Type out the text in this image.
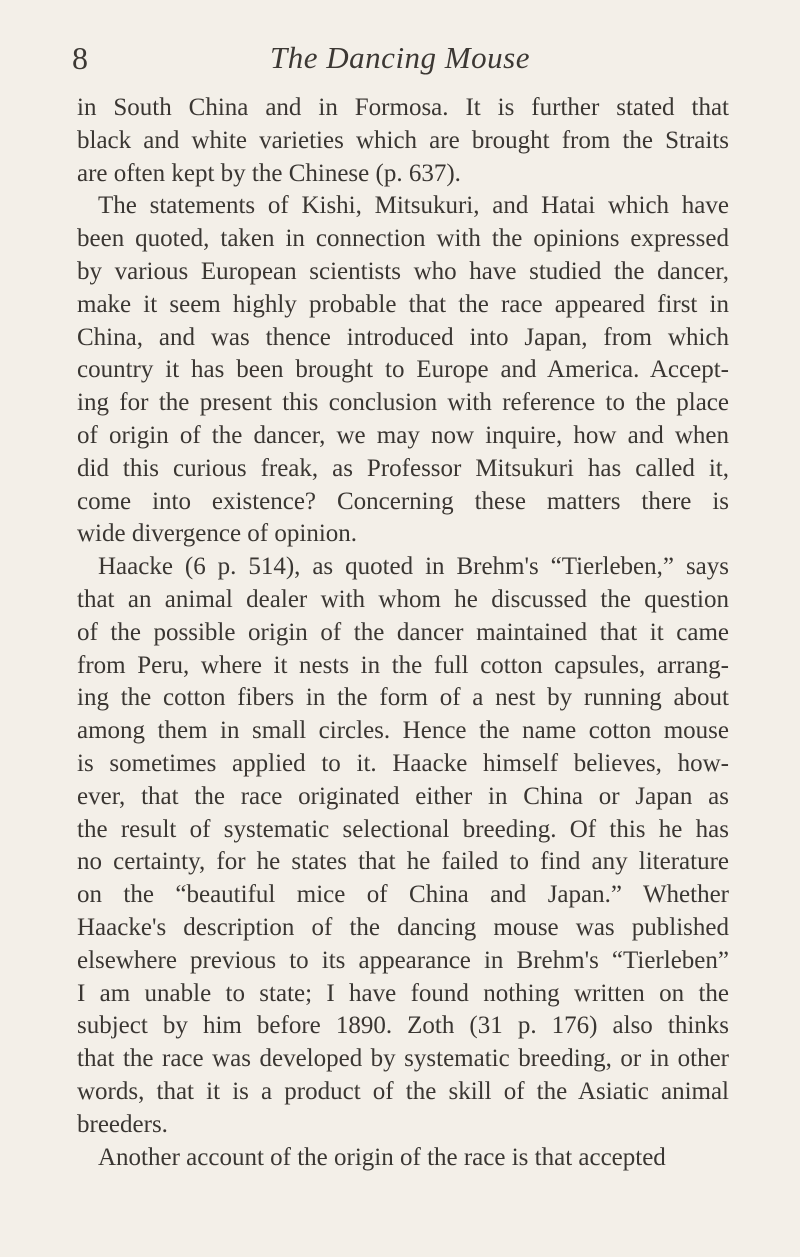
8	The Dancing Mouse
in South China and in Formosa. It is further stated that
black and white varieties which are brought from the Straits
are often kept by the Chinese (p. 637).
The statements of Kishi, Mitsukuri, and Hatai which have
been quoted, taken in connection with the opinions expressed
by various European scientists who have studied the dancer,
make it seem highly probable that the race appeared first in
China, and was thence introduced into Japan, from which
country it has been brought to Europe and America. Accept-
ing for the present this conclusion with reference to the place
of origin of the dancer, we may now inquire, how and when
did this curious freak, as Professor Mitsukuri has called it,
come into existence? Concerning these matters there is
wide divergence of opinion.
Haacke (6 p. 514), as quoted in Brehm's “Tierleben,” says
that an animal dealer with whom he discussed the question
of the possible origin of the dancer maintained that it came
from Peru, where it nests in the full cotton capsules, arrang-
ing the cotton fibers in the form of a nest by running about
among them in small circles. Hence the name cotton mouse
is sometimes applied to it. Haacke himself believes, how-
ever, that the race originated either in China or Japan as
the result of systematic selectional breeding. Of this he has
no certainty, for he states that he failed to find any literature
on the “beautiful mice of China and Japan.” Whether
Haacke's description of the dancing mouse was published
elsewhere previous to its appearance in Brehm's “Tierleben”
I am unable to state; I have found nothing written on the
subject by him before 1890. Zoth (31 p. 176) also thinks
that the race was developed by systematic breeding, or in other
words, that it is a product of the skill of the Asiatic animal
breeders.
Another account of the origin of the race is that accepted
